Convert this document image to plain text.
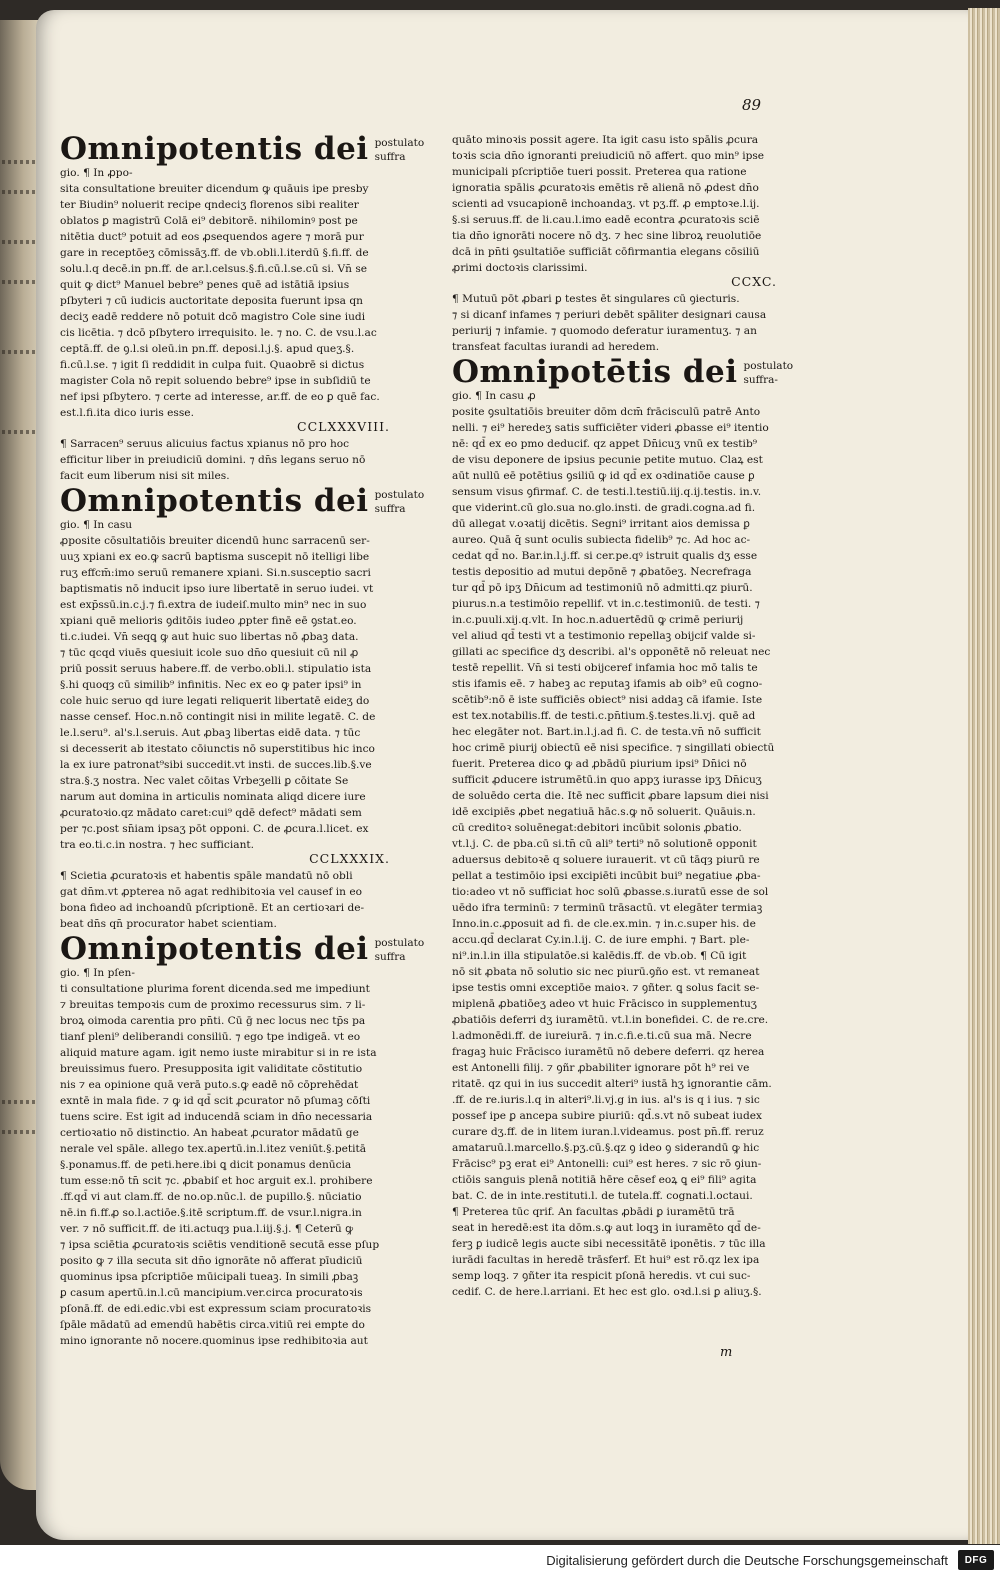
89
Omnipotentis dei postulato suffra

gio. ¶ In ꝓpo-
sita consultatione breuiter dicendum ꝙ quāuis ipe presby
ter Biudin⁹ noluerit recipe qndeciʒ florenos sibi realiter
oblatos ꝑ magistrū Colā ei⁹ debitorē. nihilominꝰ post pe
nitētia duct⁹ potuit ad eos ꝓsequendos agere ⁊ morā pur
gare in receptōeʒ cōmissāʒ.ff. de vb.obli.l.iterdū §.fi.ff. de
solu.l.q decē.in pn.ff. de ar.l.celsus.§.fi.cū.l.se.cū si. Vn̄ se
quit ꝙ dict⁹ Manuel bebre⁹ penes quē ad istātiā ipsius
pſbyteri ⁊ cū iudicis auctoritate deposita fuerunt ipsa qn
deciʒ eadē reddere nō potuit dcō magistro Cole sine iudi
cis licētia. ⁊ dcō pſbytero irrequisito. le. ⁊ no. C. de vsu.l.ac
ceptā.ff. de ꝯ.l.si oleū.in pn.ff. deposi.l.j.§. apud queʒ.§.
fi.cū.l.se. ⁊ igit ſi reddidit in culpa fuit. Quaobrē si dictus
magister Cola nō repit soluendo bebre⁹ ipse in subſidiū te
nef ipsi pſbytero. ⁊ certe ad interesse, ar.ff. de eo ꝑ quē fac.
est.l.fi.ita dico iuris esse.

CCLXXXVIII.

¶ Sarracen⁹ seruus alicuius factus xpianus nō pro hoc
efficitur liber in preiudiciū domini. ⁊ dn̄s legans seruo nō
facit eum liberum nisi sit miles.

Omnipotentis dei postulato suffra

gio. ¶ In casu
ꝓposite cōsultatiōis breuiter dicendū hunc sarracenū ser-
uuʒ xpiani ex eo.ꝙ sacrū baptisma suscepit nō itelligi libe
ruʒ effcm̄:imo seruū remanere xpiani. Si.n.susceptio sacri
baptismatis nō inducit ipso iure libertatē in seruo iudei. vt
est exp̄ssū.in.c.j.⁊ fi.extra de iudeiſ.multo min⁹ nec in suo
xpiani quē melioris ꝯditōis iudeo ꝓpter finē eē ꝯstat.eo.
ti.c.iudei. Vn̄ seqꝗ ꝙ aut huic suo libertas nō ꝓbaꝫ data.
⁊ tūc qcqd viuēs quesiuit icole suo dn̄o quesiuit cū nil ꝓ
priū possit seruus habere.ff. de verbo.obli.l. stipulatio ista
§.hi quoqȝ cū similib⁹ infinitis. Nec ex eo ꝙ pater ipsi⁹ in
cole huic seruo qd iure legati reliquerit libertatē eideʒ do
nasse censef. Hoc.n.nō contingit nisi in milite legatē. C. de
le.l.seru⁹. al's.l.seruis. Aut ꝓbaꝫ libertas eidē data. ⁊ tūc
si decesserit ab itestato cōiunctis nō superstitibus hic inco
la ex iure patronat⁹sibi succedit.vt insti. de succes.lib.§.ve
stra.§.ʒ nostra. Nec valet cōitas Vrbeʒelli ꝑ cōitate Se
narum aut domina in articulis nominata aliqd dicere iure
ꝓcuratoꝛio.qz mādato caret:cui⁹ qdē defect⁹ mādati sem
per ⁊c.post sn̄iam ipsaʒ pōt opponi. C. de ꝓcura.l.licet. ex
tra eo.ti.c.in nostra. ⁊ hec sufficiant.

CCLXXXIX.

¶ Scietia ꝓcuratoꝛis et habentis spāle mandatū nō obli
gat dn̄m.vt ꝓpterea nō agat redhibitoꝛia vel causef in eo
bona fideo ad inchoandū pſcriptionē. Et an certioꝛari de-
beat dn̄s qn̄ procurator habet scientiam.

Omnipotentis dei postulato suffra

gio. ¶ In pſen-
ti consultatione plurima forent dicenda.sed me impediunt
⁊ breuitas tempoꝛis cum de proximo recessurus sim. ⁊ li-
broꝝ oimoda carentia pro pn̄ti. Cū ḡ nec locus nec tp̄s pa
tianf pleni⁹ deliberandi consiliū. ⁊ ego tpe indigeā. vt eo
aliquid mature agam. igit nemo iuste mirabitur si in re ista
breuissimus fuero. Presupposita igit validitate cōstitutio
nis ⁊ ea opinione quā verā puto.s.ꝙ eadē nō cōprehēdat
exntē in mala fide. ⁊ ꝙ id qd̄ scit ꝓcurator nō pſumaꝫ cōſti
tuens scire. Est igit ad inducendā sciam in dn̄o necessaria
certioꝛatio nō distinctio. An habeat ꝓcurator mādatū ge
nerale vel spāle. allego tex.apertū.in.l.itez veniūt.§.petitā
§.ponamus.ff. de peti.here.ibi ꝗ dicit ponamus denūcia
tum esse:nō tn̄ scit ⁊c. ꝓbabiſ et hoc arguit ex.l. prohibere
.ff.qd̄ vi aut clam.ff. de no.op.nūc.l. de pupillo.§. nūciatio
nē.in fi.ff.ꝓ so.l.actiōe.§.itē scriptum.ff. de vsur.l.nigra.in
ver. ⁊ nō sufficit.ff. de iti.actuqȝ pua.l.iij.§.j. ¶ Ceterū ꝙ
⁊ ipsa sciētia ꝓcuratoꝛis sciētis venditionē secutā esse pſup
posito ꝙ ⁊ illa secuta sit dn̄o ignorāte nō afferat pīudiciū
quominus ipsa pſcriptiōe mūicipali tueaꝫ. In simili ꝓbaꝫ
ꝑ casum apertū.in.l.cū mancipium.ver.circa procuratoꝛis
pſonā.ff. de edi.edic.vbi est expressum sciam procuratoꝛis
ſpāle mādatū ad emendū habētis circa.vitiū rei empte do
mino ignorante nō nocere.quominus ipse redhibitoꝛia aut

quāto minoꝛis possit agere. Ita igit casu isto spālis ꝓcura
toꝛis scia dn̄o ignoranti preiudiciū nō affert. quo min⁹ ipse
municipali pſcriptiōe tueri possit. Preterea qua ratione
ignoratia spālis ꝓcuratoꝛis emētis rē alienā nō ꝓdest dn̄o
scienti ad vsucapionē inchoandaʒ. vt pʒ.ff. ꝓ emptoꝛe.l.ij.
§.si seruus.ff. de li.cau.l.imo eadē econtra ꝓcuratoꝛis sciē
tia dn̄o ignorāti nocere nō dʒ. ⁊ hec sine libroꝝ reuolutiōe
dcā in pn̄ti ꝯsultatiōe sufficiāt cōfirmantia elegans cōsiliū
ꝓrimi doctoꝛis clarissimi.

CCXC.

¶ Mutuū pōt ꝓbari ꝑ testes ēt singulares cū ꝯiecturis.
⁊ si dicanf infames ⁊ periuri debēt spāliter designari causa
periurij ⁊ infamie. ⁊ quomodo deferatur iuramentuʒ. ⁊ an
transfeat facultas iurandi ad heredem.

Omnipotētis dei postulato suffra-

gio. ¶ In casu ꝓ
posite ꝯsultatiōis breuiter dōm dcm̄ frācisculū patrē Anto
nelli. ⁊ ei⁹ heredeʒ satis sufficiēter videri ꝓbasse ei⁹ itentio
nē: qd̄ ex eo pmo deducif. qz appet Dn̄icuʒ vnū ex testib⁹
de visu deponere de ipsius pecunie petite mutuo. Claꝝ est
aūt nullū eē potētius ꝯsiliū ꝙ id qd̄ ex oꝛdinatiōe cause ꝑ
sensum visus ꝯfirmaf. C. de testi.l.testiū.iij.q.ij.testis. in.v.
que viderint.cū glo.sua no.glo.insti. de gradi.cogna.ad fi.
dū allegat v.oꝛatij dicētis. Segni⁹ irritant aios demissa ꝑ
aureo. Quā q̄ sunt oculis subiecta fidelib⁹ ⁊c. Ad hoc ac-
cedat qd̄ no. Bar.in.l.j.ff. si cer.pe.qꝰ istruit qualis dʒ esse
testis depositio ad mutui depōnē ⁊ ꝓbatōeʒ. Necrefraga
tur qd̄ pō ipʒ Dn̄icum ad testimoniū nō admitti.qz piurū.
piurus.n.a testimōio repellif. vt in.c.testimoniū. de testi. ⁊
in.c.puuli.xij.q.vlt. In hoc.n.aduertēdū ꝙ crimē periurij
vel aliud qd̄ testi vt a testimonio repellaꝫ obijcif valde si-
gillati ac specifice dʒ describi. al's opponētē nō releuat nec
testē repellit. Vn̄ si testi obijceref infamia hoc mō talis te
stis ifamis eē. ⁊ habeꝫ ac reputaꝫ ifamis ab oib⁹ eū cogno-
scētib⁹:nō ē iste sufficiēs obiect⁹ nisi addaꝫ cā ifamie. Iste
est tex.notabilis.ff. de testi.c.pn̄tium.§.testes.li.vj. quē ad
hec elegāter not. Bart.in.l.j.ad fi. C. de testa.vn̄ nō sufficit
hoc crimē piurij obiectū eē nisi specifice. ⁊ singillati obiectū
fuerit. Preterea dico ꝙ ad ꝓbādū piurium ipsi⁹ Dn̄ici nō
sufficit ꝓducere istrumētū.in quo appʒ iurasse ipʒ Dn̄icuʒ
de soluēdo certa die. Itē nec sufficit ꝓbare lapsum diei nisi
idē excipiēs ꝓbet negatiuā hāc.s.ꝙ nō soluerit. Quāuis.n.
cū creditoꝛ soluēnegat:debitori incūbit solonis ꝓbatio.
vt.l.j. C. de pba.cū si.tn̄ cū ali⁹ terti⁹ nō solutionē opponit
aduersus debitoꝛē q soluere iurauerit. vt cū tāqȝ piurū re
pellat a testimōio ipsi excipiēti incūbit bui⁹ negatiue ꝓba-
tio:adeo vt nō sufficiat hoc solū ꝓbasse.s.iuratū esse de sol
uēdo ifra terminū: ⁊ terminū trāsactū. vt elegāter termiaꝫ
Inno.in.c.ꝓposuit ad fi. de cle.ex.min. ⁊ in.c.super his. de
accu.qd̄ declarat Cy.in.l.ij. C. de iure emphi. ⁊ Bart. ple-
ni⁹.in.l.in illa stipulatōe.si kalēdis.ff. de vb.ob. ¶ Cū igit
nō sit ꝓbata nō solutio sic nec piurū.ꝯño est. vt remaneat
ipse testis omni exceptiōe maioꝛ. ⁊ ꝯñter. ꝗ solus facit se-
miplenā ꝓbatiōeʒ adeo vt huic Frācisco in supplementuʒ
ꝓbatiōis deferri dʒ iuramētū. vt.l.in bonefidei. C. de re.cre.
l.admonēdi.ff. de iureiurā. ⁊ in.c.fi.e.ti.cū sua mā. Necre
fragaꝫ huic Frācisco iuramētū nō debere deferri. qz herea
est Antonelli filij. ⁊ ꝯñr ꝓbabiliter ignorare pōt h⁹ rei ve
ritatē. qz qui in ius succedit alteri⁹ iustā hʒ ignorantie cām.
.ff. de re.iuris.l.q in alteri⁹.li.vj.g in ius. al's is q i ius. ⁊ sic
possef ipe ꝑ ancepa subire piuriū: qd̄.s.vt nō subeat iudex
curare dʒ.ff. de in litem iuran.l.videamus. post pn̄.ff. reruz
amataruū.l.marcello.§.pʒ.cū.§.qz ꝯ ideo ꝯ siderandū ꝙ hic
Frācisc⁹ pꝫ erat ei⁹ Antonelli: cui⁹ est heres. ⁊ sic rō ꝯiun-
ctiōis sanguis plenā notitiā hēre cēsef eoꝝ ꝗ ei⁹ fili⁹ agita
bat. C. de in inte.restituti.l. de tutela.ff. cognati.l.octaui.
¶ Preterea tūc qrif. An facultas ꝓbādi ꝑ iuramētū trā
seat in heredē:est ita dōm.s.ꝙ aut loqꝫ in iuramēto qd̄ de-
ferꝫ ꝑ iudicē legis aucte sibi necessitātē iponētis. ⁊ tūc illa
iurādi facultas in heredē trāsferf. Et hui⁹ est rō.qz lex ipa
semp loqꝫ. ⁊ ꝯñter ita respicit pſonā heredis. vt cui suc-
cedif. C. de here.l.arriani. Et hec est glo. oꝛd.l.si ꝑ aliuʒ.§.

m
Digitalisierung gefördert durch die Deutsche Forschungsgemeinschaft DFG
